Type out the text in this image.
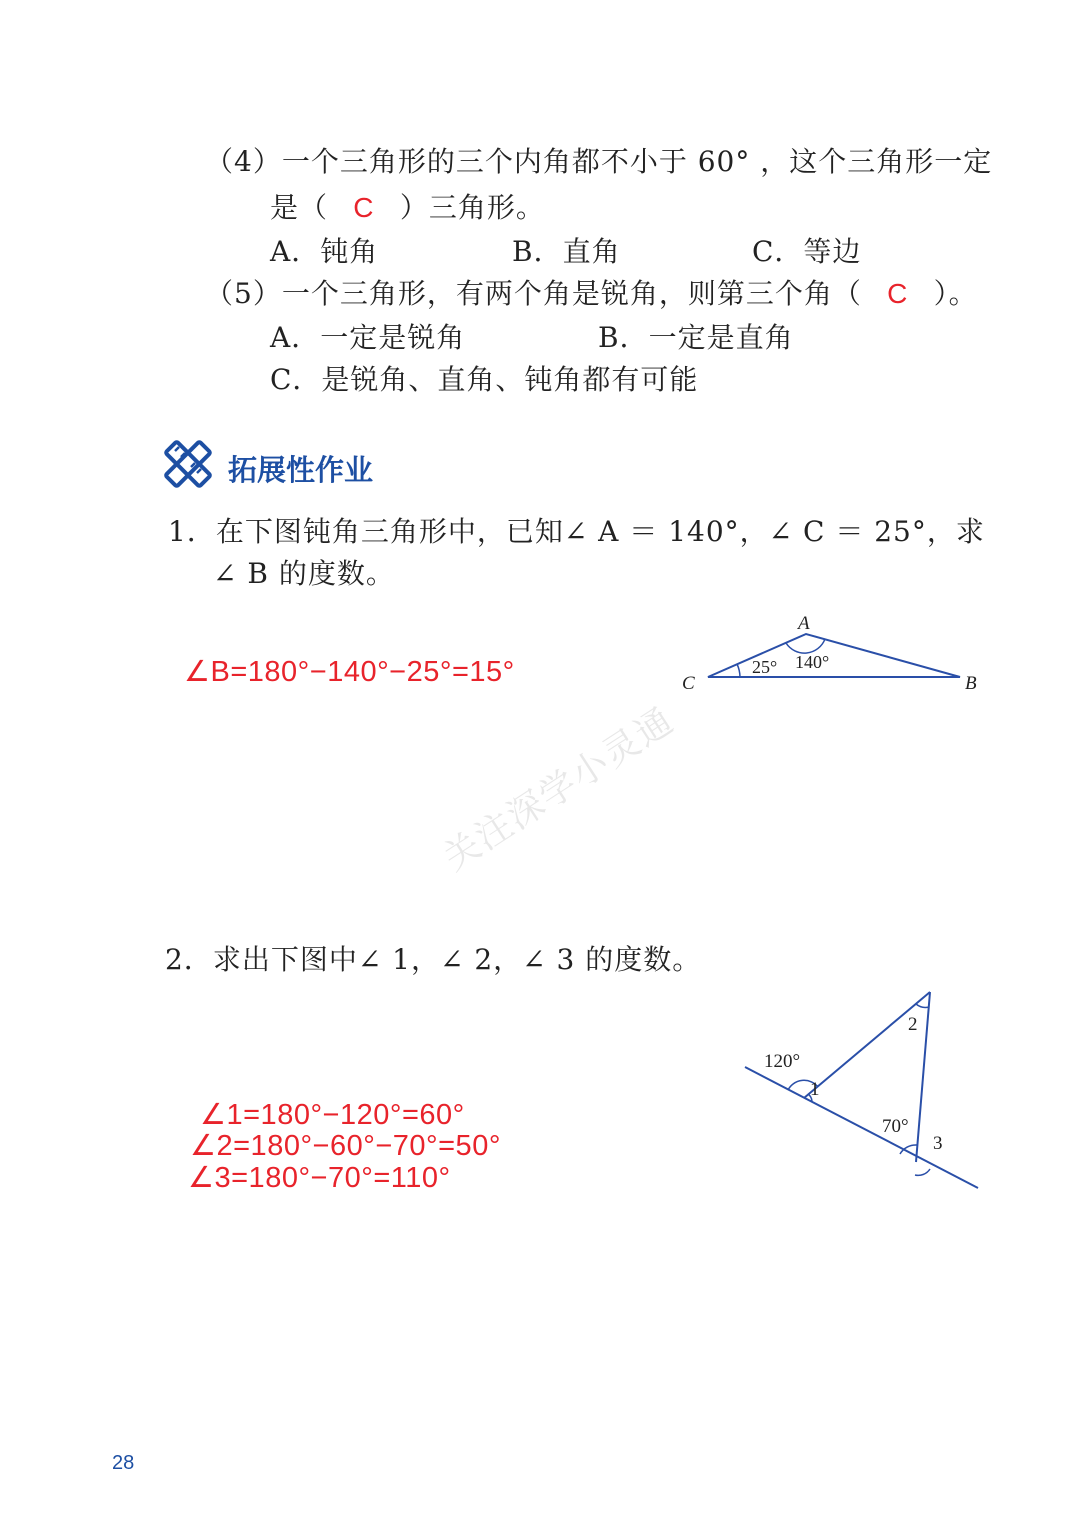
（4）一个三角形的三个内角都不小于 60° ，这个三角形一定
是（ C ）三角形。
A．钝角	B．直角	C．等边
（5）一个三角形，有两个角是锐角，则第三个角（ C ）。
A．一定是锐角	B．一定是直角
C．是锐角、直角、钝角都有可能
拓展性作业
1．在下图钝角三角形中，已知∠ A ＝ 140°，∠ C ＝ 25°，求
∠ B 的度数。
∠B=180°−140°−25°=15°
A
C	B
25° 140°
关注深学小灵通
2．求出下图中∠ 1，∠ 2，∠ 3 的度数。
∠1=180°−120°=60°
∠2=180°−60°−70°=50°
∠3=180°−70°=110°
120°
1
2
70°
3
28
